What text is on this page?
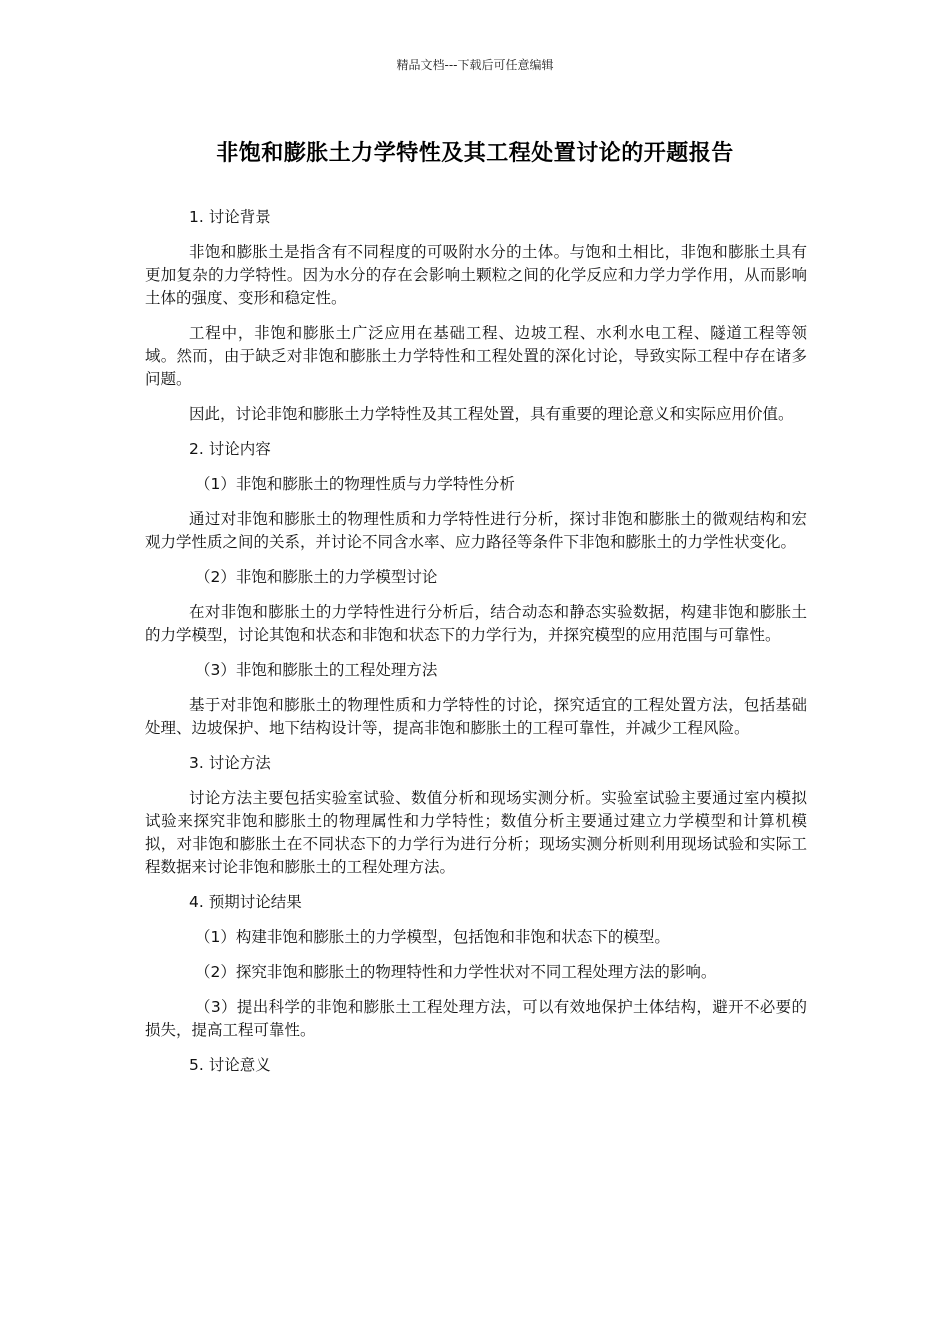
精品文档---下载后可任意编辑
非饱和膨胀土力学特性及其工程处置讨论的开题报告

1. 讨论背景

非饱和膨胀土是指含有不同程度的可吸附水分的土体。与饱和土相比，非饱和膨胀土具有更加复杂的力学特性。因为水分的存在会影响土颗粒之间的化学反应和力学力学作用，从而影响土体的强度、变形和稳定性。

工程中，非饱和膨胀土广泛应用在基础工程、边坡工程、水利水电工程、隧道工程等领域。然而，由于缺乏对非饱和膨胀土力学特性和工程处置的深化讨论，导致实际工程中存在诸多问题。

因此，讨论非饱和膨胀土力学特性及其工程处置，具有重要的理论意义和实际应用价值。

2. 讨论内容

（1）非饱和膨胀土的物理性质与力学特性分析

通过对非饱和膨胀土的物理性质和力学特性进行分析，探讨非饱和膨胀土的微观结构和宏观力学性质之间的关系，并讨论不同含水率、应力路径等条件下非饱和膨胀土的力学性状变化。

（2）非饱和膨胀土的力学模型讨论

在对非饱和膨胀土的力学特性进行分析后，结合动态和静态实验数据，构建非饱和膨胀土的力学模型，讨论其饱和状态和非饱和状态下的力学行为，并探究模型的应用范围与可靠性。

（3）非饱和膨胀土的工程处理方法

基于对非饱和膨胀土的物理性质和力学特性的讨论，探究适宜的工程处置方法，包括基础处理、边坡保护、地下结构设计等，提高非饱和膨胀土的工程可靠性，并减少工程风险。

3. 讨论方法

讨论方法主要包括实验室试验、数值分析和现场实测分析。实验室试验主要通过室内模拟试验来探究非饱和膨胀土的物理属性和力学特性；数值分析主要通过建立力学模型和计算机模拟，对非饱和膨胀土在不同状态下的力学行为进行分析；现场实测分析则利用现场试验和实际工程数据来讨论非饱和膨胀土的工程处理方法。

4. 预期讨论结果

（1）构建非饱和膨胀土的力学模型，包括饱和非饱和状态下的模型。

（2）探究非饱和膨胀土的物理特性和力学性状对不同工程处理方法的影响。

（3）提出科学的非饱和膨胀土工程处理方法，可以有效地保护土体结构，避开不必要的损失，提高工程可靠性。

5. 讨论意义
